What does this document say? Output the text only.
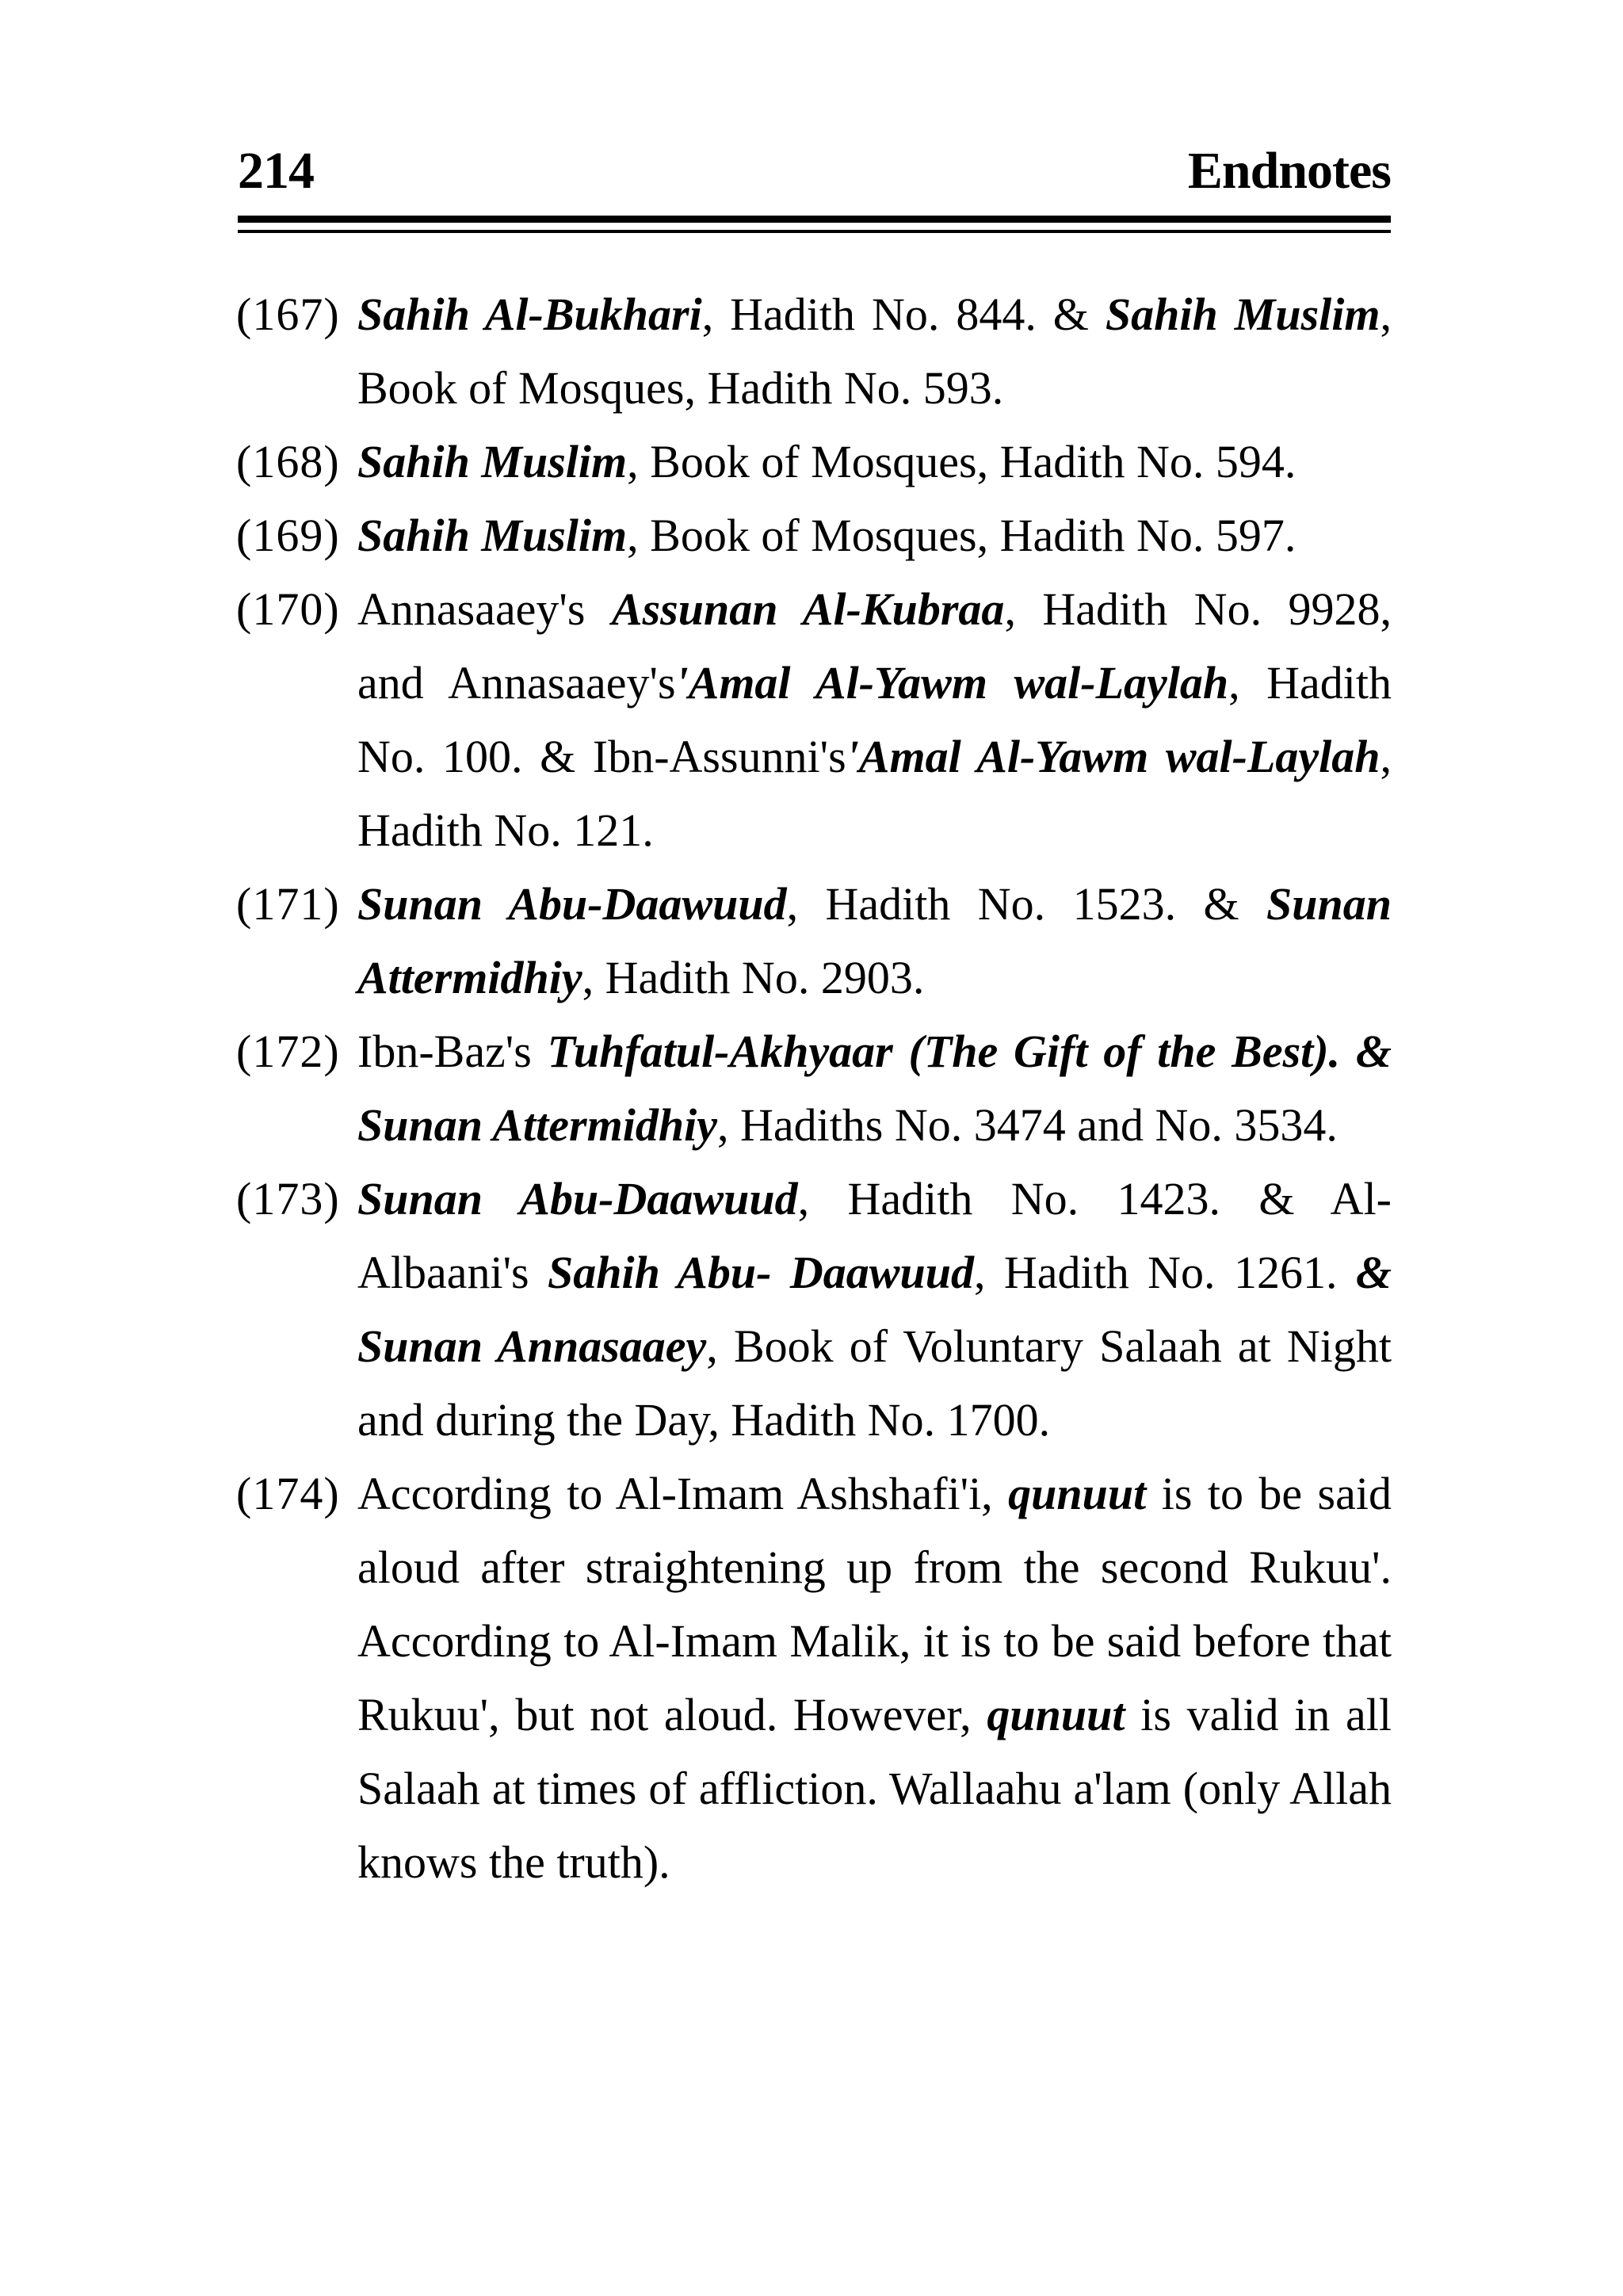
214	Endnotes
(167) Sahih Al-Bukhari, Hadith No. 844. & Sahih Muslim, Book of Mosques, Hadith No. 593.
(168) Sahih Muslim, Book of Mosques, Hadith No. 594.
(169) Sahih Muslim, Book of Mosques, Hadith No. 597.
(170) Annasaaey's Assunan Al-Kubraa, Hadith No. 9928, and Annasaaey's'Amal Al-Yawm wal-Laylah, Hadith No. 100. & Ibn-Assunni's'Amal Al-Yawm wal-Laylah, Hadith No. 121.
(171) Sunan Abu-Daawuud, Hadith No. 1523. & Sunan Attermidhiy, Hadith No. 2903.
(172) Ibn-Baz's Tuhfatul-Akhyaar (The Gift of the Best). & Sunan Attermidhiy, Hadiths No. 3474 and No. 3534.
(173) Sunan Abu-Daawuud, Hadith No. 1423. & Al-Albaani's Sahih Abu- Daawuud, Hadith No. 1261. & Sunan Annasaaey, Book of Voluntary Salaah at Night and during the Day, Hadith No. 1700.
(174) According to Al-Imam Ashshafi'i, qunuut is to be said aloud after straightening up from the second Rukuu'. According to Al-Imam Malik, it is to be said before that Rukuu', but not aloud. However, qunuut is valid in all Salaah at times of affliction. Wallaahu a'lam (only Allah knows the truth).
